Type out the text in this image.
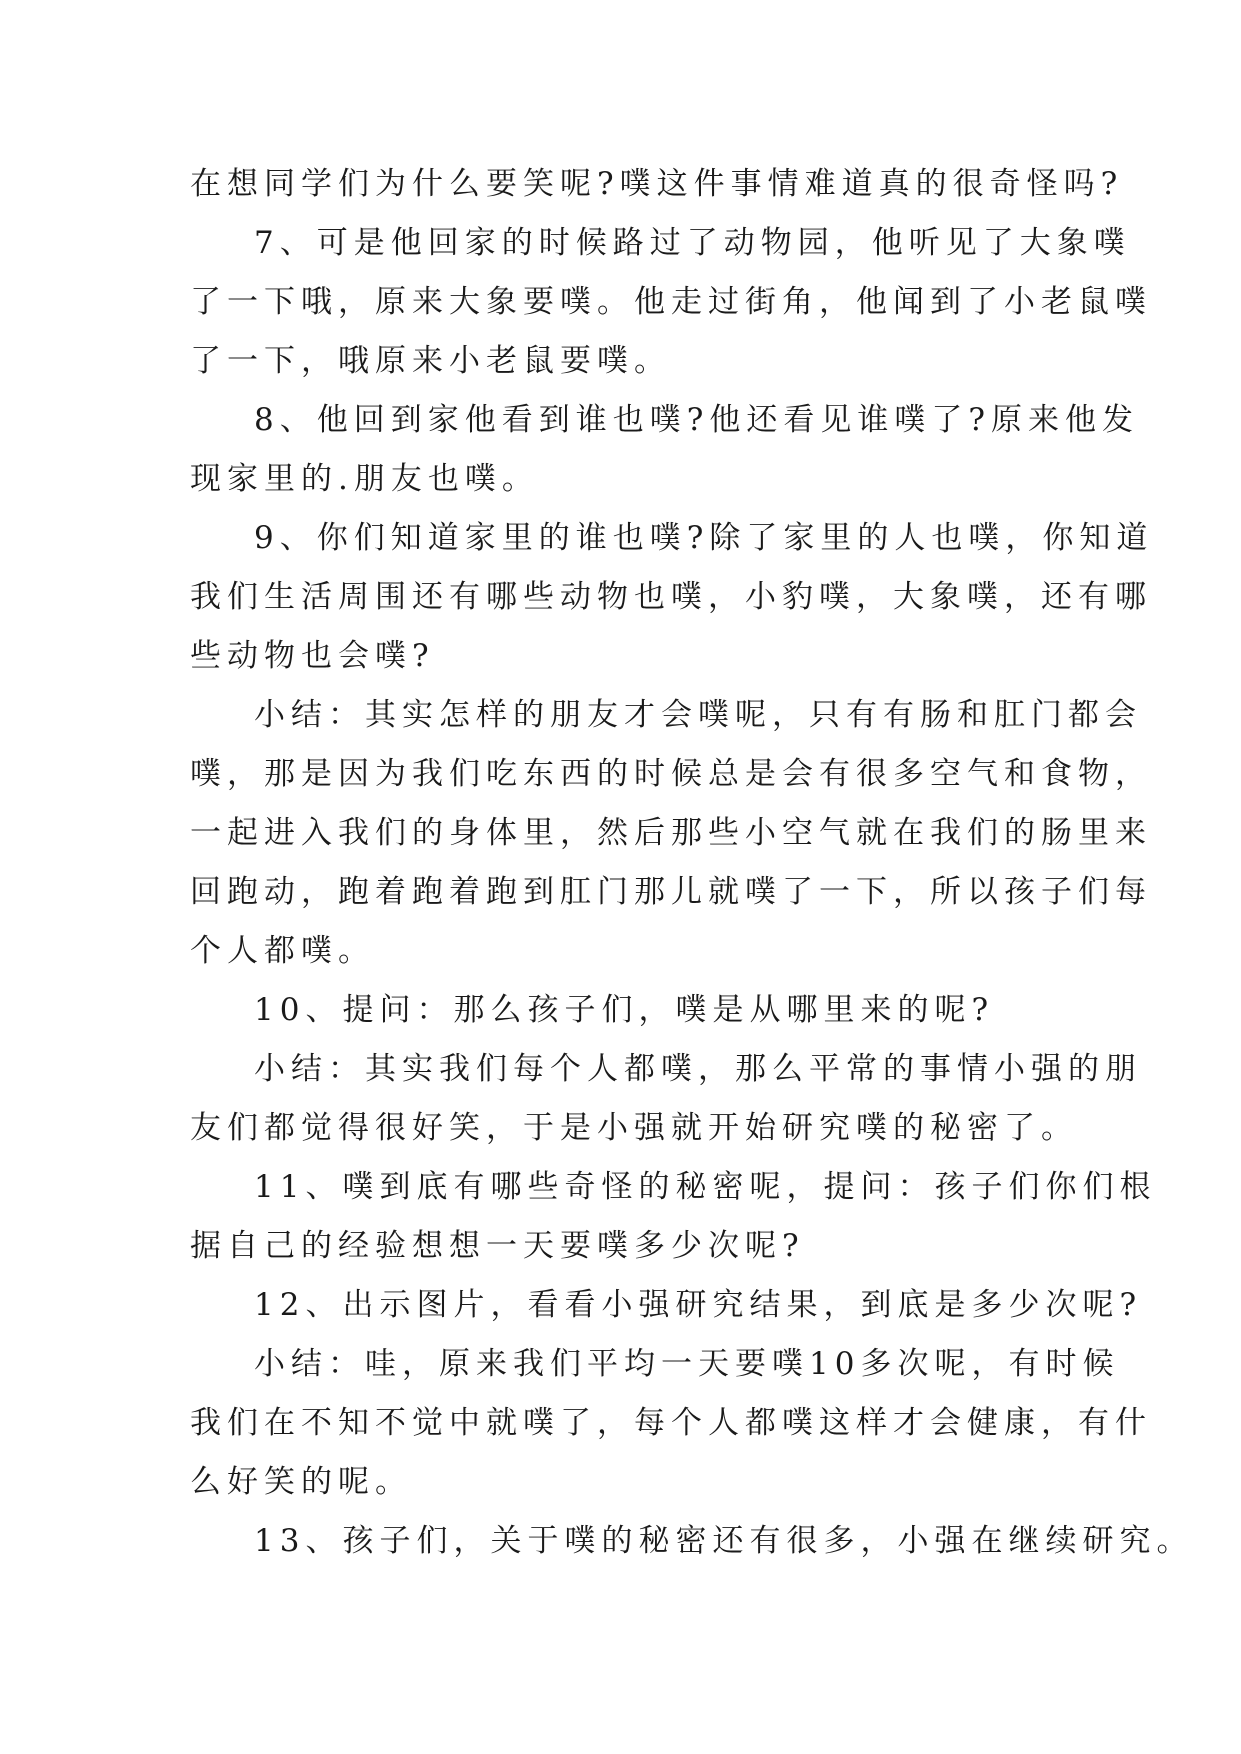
在想同学们为什么要笑呢?噗这件事情难道真的很奇怪吗?
7、可是他回家的时候路过了动物园，他听见了大象噗
了一下哦，原来大象要噗。他走过街角，他闻到了小老鼠噗
了一下，哦原来小老鼠要噗。
8、他回到家他看到谁也噗?他还看见谁噗了?原来他发
现家里的.朋友也噗。
9、你们知道家里的谁也噗?除了家里的人也噗，你知道
我们生活周围还有哪些动物也噗，小豹噗，大象噗，还有哪
些动物也会噗?
小结：其实怎样的朋友才会噗呢，只有有肠和肛门都会
噗，那是因为我们吃东西的时候总是会有很多空气和食物，
一起进入我们的身体里，然后那些小空气就在我们的肠里来
回跑动，跑着跑着跑到肛门那儿就噗了一下，所以孩子们每
个人都噗。
10、提问：那么孩子们，噗是从哪里来的呢?
小结：其实我们每个人都噗，那么平常的事情小强的朋
友们都觉得很好笑，于是小强就开始研究噗的秘密了。
11、噗到底有哪些奇怪的秘密呢，提问：孩子们你们根
据自己的经验想想一天要噗多少次呢?
12、出示图片，看看小强研究结果，到底是多少次呢?
小结：哇，原来我们平均一天要噗10多次呢，有时候
我们在不知不觉中就噗了，每个人都噗这样才会健康，有什
么好笑的呢。
13、孩子们，关于噗的秘密还有很多，小强在继续研究。
